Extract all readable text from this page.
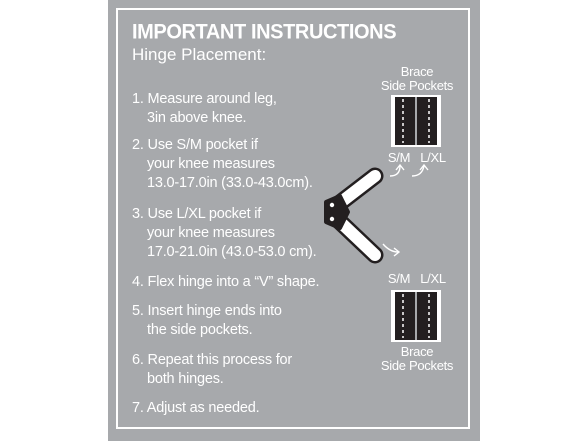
IMPORTANT INSTRUCTIONS
Hinge Placement:
1. Measure around leg,
3in above knee.
2. Use S/M pocket if
your knee measures
13.0-17.0in (33.0-43.0cm).
3. Use L/XL pocket if
your knee measures
17.0-21.0in (43.0-53.0 cm).
4. Flex hinge into a “V” shape.
5. Insert hinge ends into
the side pockets.
6. Repeat this process for
both hinges.
7. Adjust as needed.
Brace
Side Pockets
S/M L/XL
S/M L/XL
Brace
Side Pockets
